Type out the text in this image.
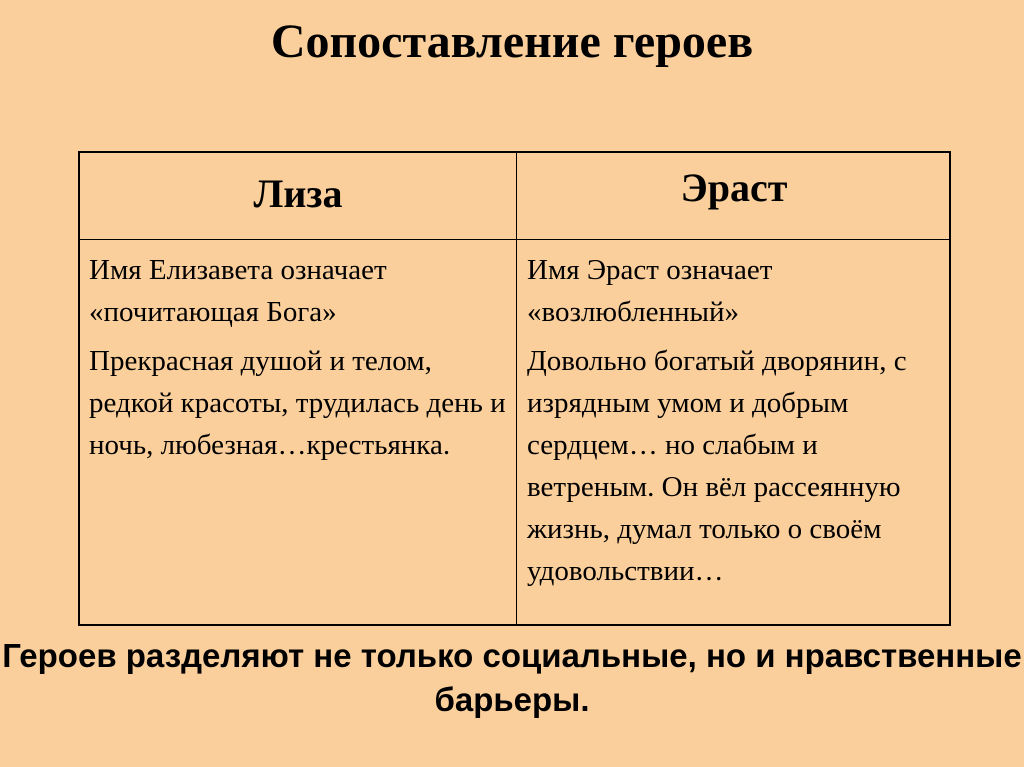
Сопоставление героев
Лиза	Эраст

Имя Елизавета означает «почитающая Бога»

Прекрасная душой и телом, редкой красоты, трудилась день и ночь, любезная…крестьянка.

Имя Эраст означает «возлюбленный»

Довольно богатый дворянин, с изрядным умом и добрым сердцем… но слабым и ветреным. Он вёл рассеянную жизнь, думал только о своём удовольствии…

Героев разделяют не только социальные, но и нравственные барьеры.
